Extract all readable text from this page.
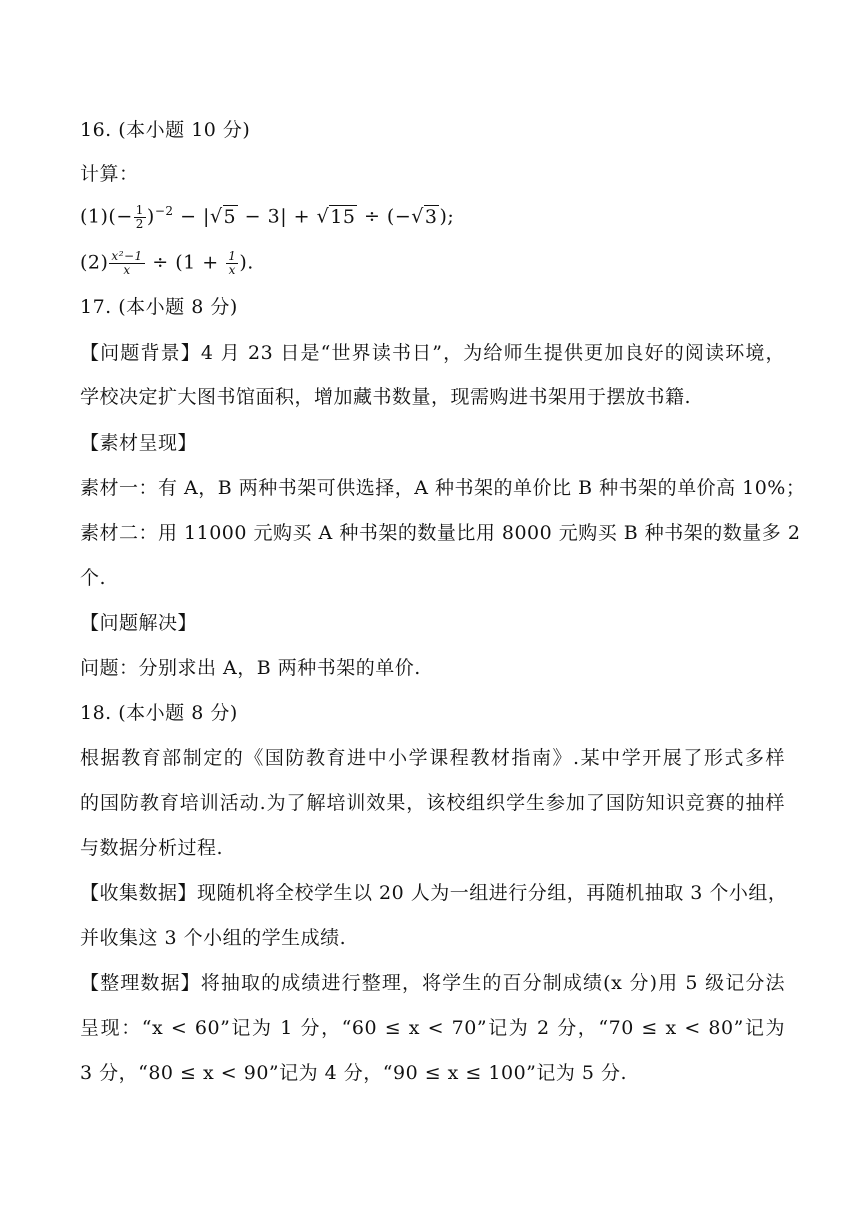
16. (本小题 10 分)
计算：
$(1)(- \frac{1}{2} )^{-2} - |√5 - 3| + √15 \div (-√3$ );
$(2) \frac{\text{x²−1}}{x} \div (1 + \frac{1}{x}$ ).
17. (本小题 8 分)
【问题背景】4 月 23 日是“世界读书日”，为给师生提供更加良好的阅读环境，
学校决定扩大图书馆面积，增加藏书数量，现需购进书架用于摆放书籍.
【素材呈现】
素材一：有 A，B 两种书架可供选择，A 种书架的单价比 B 种书架的单价高 10%；
素材二：用 11000 元购买 A 种书架的数量比用 8000 元购买 B 种书架的数量多 2
个.
【问题解决】
问题：分别求出 A，B 两种书架的单价.
18. (本小题 8 分)
根据教育部制定的《国防教育进中小学课程教材指南》.某中学开展了形式多样
的国防教育培训活动.为了解培训效果，该校组织学生参加了国防知识竞赛的抽样
与数据分析过程.
【收集数据】现随机将全校学生以 20 人为一组进行分组，再随机抽取 3 个小组，
并收集这 3 个小组的学生成绩.
【整理数据】将抽取的成绩进行整理，将学生的百分制成绩(x 分)用 5 级记分法
呈现：“x < 60”记为 1 分，“60 ≤ x < 70”记为 2 分，“70 ≤ x < 80”记为
3 分，“80 ≤ x < 90”记为 4 分，“90 ≤ x ≤ 100”记为 5 分.
